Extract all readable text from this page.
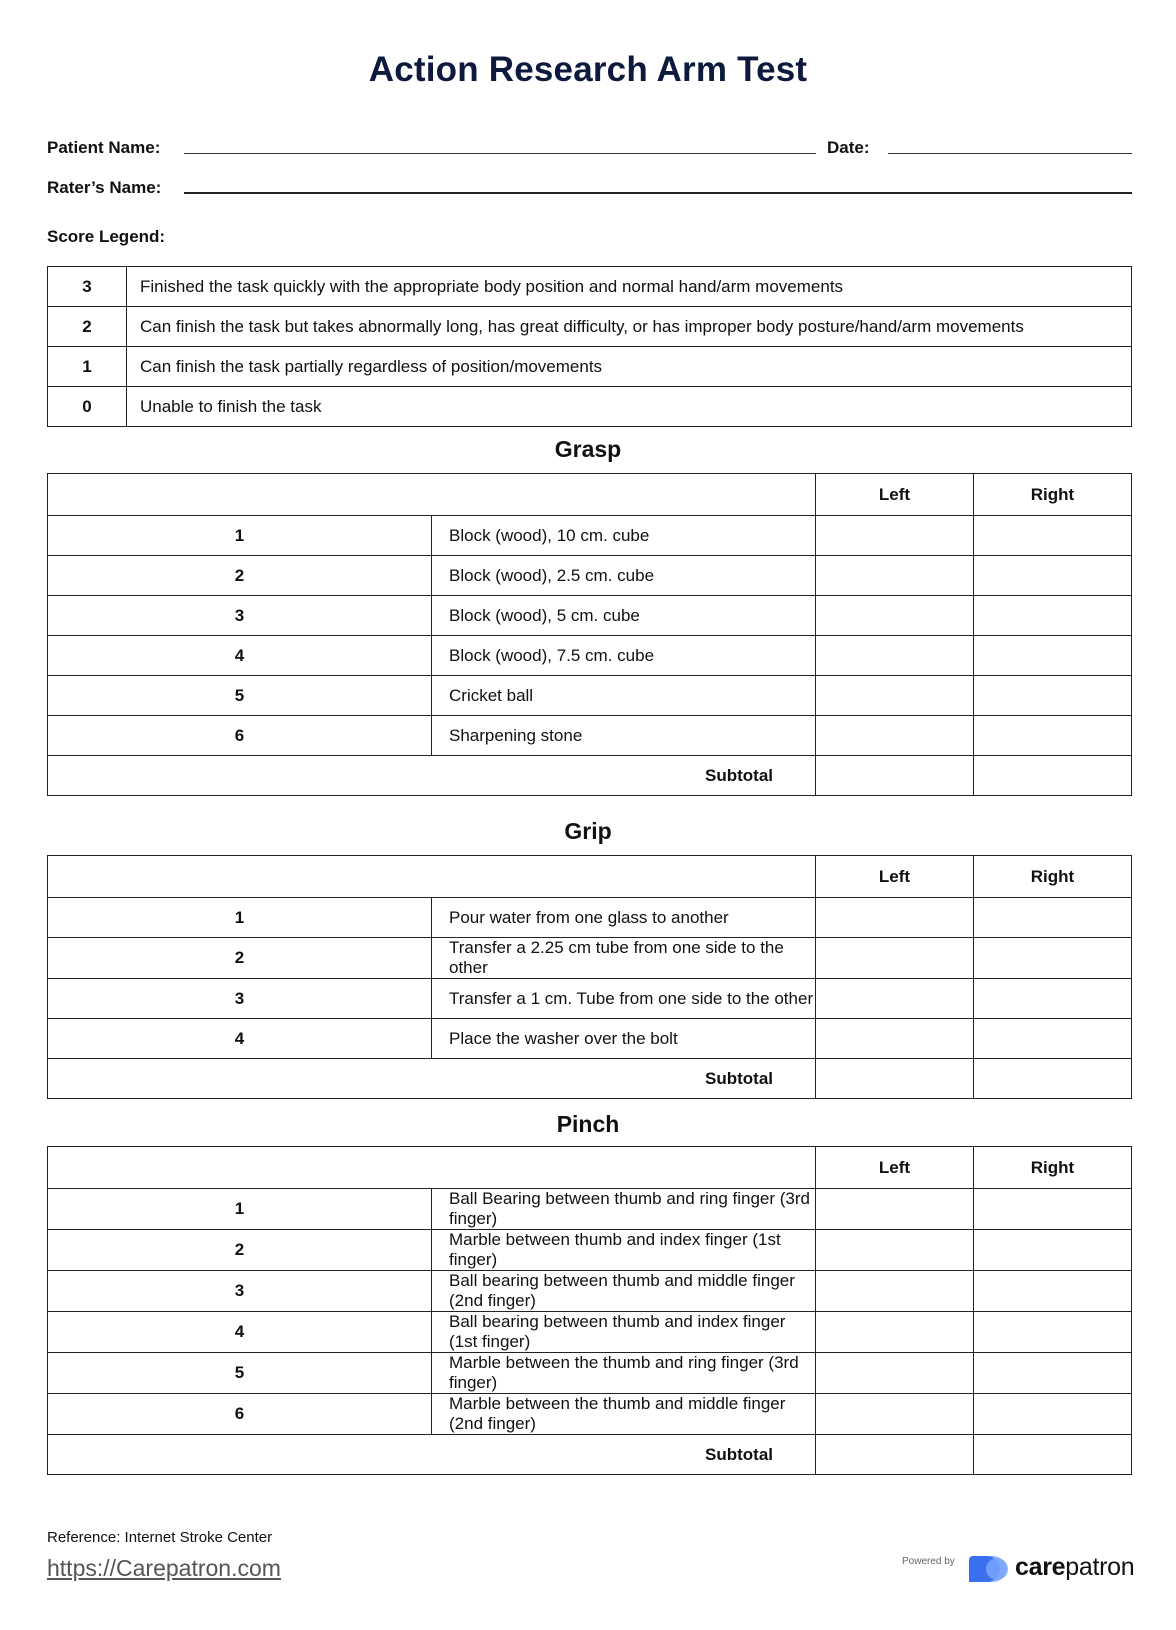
Action Research Arm Test
Patient Name:	Date:
Rater’s Name:
Score Legend:
3	Finished the task quickly with the appropriate body position and normal hand/arm movements
2	Can finish the task but takes abnormally long, has great difficulty, or has improper body posture/hand/arm movements
1	Can finish the task partially regardless of position/movements
0	Unable to finish the task
Grasp
		Left	Right
1	Block (wood), 10 cm. cube		
2	Block (wood), 2.5 cm. cube		
3	Block (wood), 5 cm. cube		
4	Block (wood), 7.5 cm. cube		
5	Cricket ball		
6	Sharpening stone		
Subtotal			
Grip
		Left	Right
1	Pour water from one glass to another		
2	Transfer a 2.25 cm tube from one side to the other		
3	Transfer a 1 cm. Tube from one side to the other		
4	Place the washer over the bolt		
Subtotal			
Pinch
		Left	Right
1	Ball Bearing between thumb and ring finger (3rd finger)		
2	Marble between thumb and index finger (1st finger)		
3	Ball bearing between thumb and middle finger (2nd finger)		
4	Ball bearing between thumb and index finger (1st finger)		
5	Marble between the thumb and ring finger (3rd finger)		
6	Marble between the thumb and middle finger (2nd finger)		
Subtotal			
Reference: Internet Stroke Center
https://Carepatron.com	Powered by carepatron
